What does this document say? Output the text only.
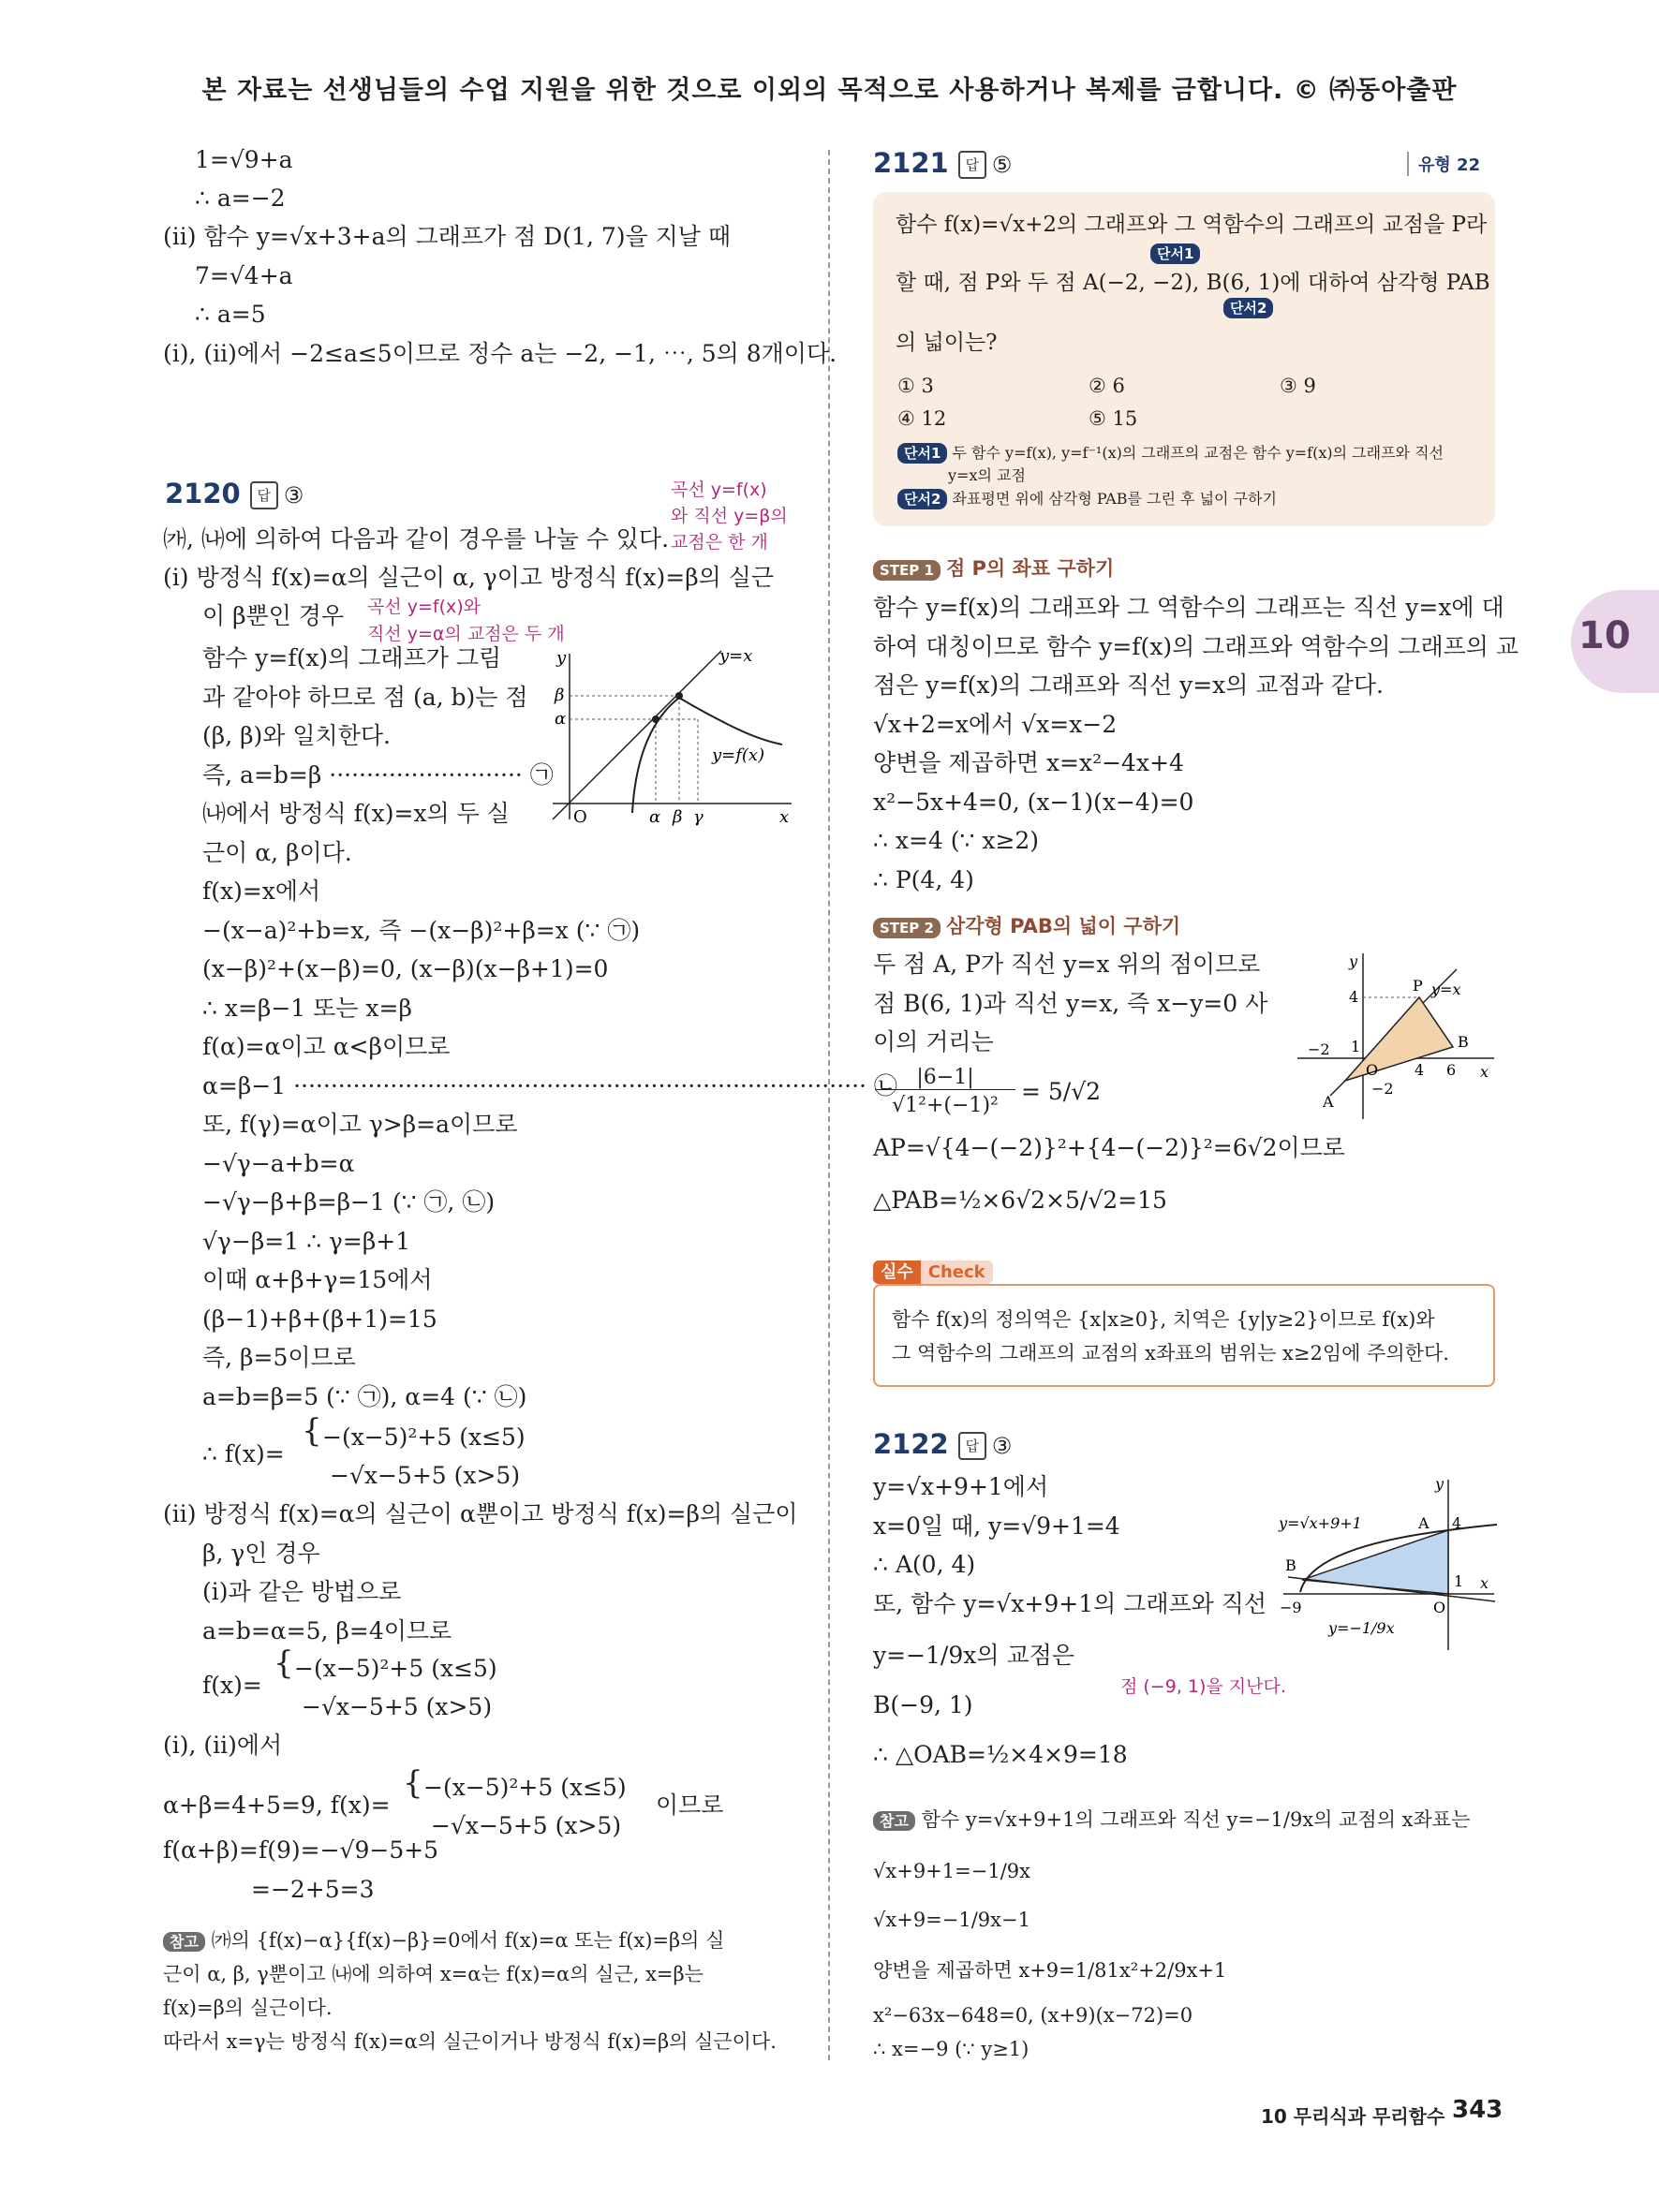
본 자료는 선생님들의 수업 지원을 위한 것으로 이외의 목적으로 사용하거나 복제를 금합니다. © ㈜동아출판
1=√9+a
∴ a=−2
(ⅱ) 함수 y=√x+3+a의 그래프가 점 D(1, 7)을 지날 때
7=√4+a
∴ a=5
(ⅰ), (ⅱ)에서 −2≤a≤5이므로 정수 a는 −2, −1, ⋯, 5의 8개이다.
2120 답 ③	곡선 y=f(x)
와 직선 y=β의
교점은 한 개
곡선 y=f(x)와
직선 y=α의 교점은 두 개
㈎, ㈏에 의하여 다음과 같이 경우를 나눌 수 있다.
(ⅰ) 방정식 f(x)=α의 실근이 α, γ이고 방정식 f(x)=β의 실근
이 β뿐인 경우
함수 y=f(x)의 그래프가 그림
과 같아야 하므로 점 (a, b)는 점
(β, β)와 일치한다.
즉, a=b=β ·························· ㉠
㈏에서 방정식 f(x)=x의 두 실
근이 α, β이다.
f(x)=x에서
−(x−a)²+b=x, 즉 −(x−β)²+β=x (∵ ㉠)
(x−β)²+(x−β)=0, (x−β)(x−β+1)=0
∴ x=β−1 또는 x=β
f(α)=α이고 α<β이므로
α=β−1 ············································································· ㉡
또, f(γ)=α이고 γ>β=a이므로
−√γ−a+b=α
−√γ−β+β=β−1 (∵ ㉠, ㉡)
√γ−β=1 ∴ γ=β+1
이때 α+β+γ=15에서
(β−1)+β+(β+1)=15
즉, β=5이므로
a=b=β=5 (∵ ㉠), α=4 (∵ ㉡)
∴ f(x)=
{ −(x−5)²+5 (x≤5)
−√x−5+5 (x>5)
(ⅱ) 방정식 f(x)=α의 실근이 α뿐이고 방정식 f(x)=β의 실근이
β, γ인 경우
(ⅰ)과 같은 방법으로
a=b=α=5, β=4이므로
f(x)=
{ −(x−5)²+5 (x≤5)
−√x−5+5 (x>5)
(ⅰ), (ⅱ)에서
α+β=4+5=9, f(x)=
{ −(x−5)²+5 (x≤5)
−√x−5+5 (x>5)
이므로
f(α+β)=f(9)=−√9−5+5
=−2+5=3
참고 ㈎의 {f(x)−α}{f(x)−β}=0에서 f(x)=α 또는 f(x)=β의 실
근이 α, β, γ뿐이고 ㈏에 의하여 x=α는 f(x)=α의 실근, x=β는
f(x)=β의 실근이다.
따라서 x=γ는 방정식 f(x)=α의 실근이거나 방정식 f(x)=β의 실근이다.
y
x
y=x
y=f(x)
β
α
O	α β γ
2121 답 ⑤	유형 22
함수 f(x)=√x+2의 그래프와 그 역함수의 그래프의 교점을 P라
단서1
할 때, 점 P와 두 점 A(−2, −2), B(6, 1)에 대하여 삼각형 PAB
단서2
의 넓이는?
① 3	② 6	③ 9
④ 12	⑤ 15
단서1 두 함수 y=f(x), y=f⁻¹(x)의 그래프의 교점은 함수 y=f(x)의 그래프와 직선
y=x의 교점
단서2 좌표평면 위에 삼각형 PAB를 그린 후 넓이 구하기
STEP 1 점 P의 좌표 구하기
함수 y=f(x)의 그래프와 그 역함수의 그래프는 직선 y=x에 대
하여 대칭이므로 함수 y=f(x)의 그래프와 역함수의 그래프의 교
점은 y=f(x)의 그래프와 직선 y=x의 교점과 같다.
√x+2=x에서 √x=x−2
양변을 제곱하면 x=x²−4x+4
x²−5x+4=0, (x−1)(x−4)=0
∴ x=4 (∵ x≥2)
∴ P(4, 4)
STEP 2 삼각형 PAB의 넓이 구하기
두 점 A, P가 직선 y=x 위의 점이므로
점 B(6, 1)과 직선 y=x, 즉 x−y=0 사
이의 거리는
|6−1|
√1²+(−1)²
= 5/√2
AP=√{4−(−2)}²+{4−(−2)}²=6√2이므로
△PAB=½×6√2×5/√2=15
y
x
P y=x
B
A
O
4
1
−2
4 6
−2
실수 Check
함수 f(x)의 정의역은 {x|x≥0}, 치역은 {y|y≥2}이므로 f(x)와
그 역함수의 그래프의 교점의 x좌표의 범위는 x≥2임에 주의한다.
2122 답 ③
y=√x+9+1에서
x=0일 때, y=√9+1=4
∴ A(0, 4)
또, 함수 y=√x+9+1의 그래프와 직선
y=−1/9x의 교점은
점 (−9, 1)을 지난다.
B(−9, 1)
∴ △OAB=½×4×9=18
참고 함수 y=√x+9+1의 그래프와 직선 y=−1/9x의 교점의 x좌표는
√x+9+1=−1/9x
√x+9=−1/9x−1
양변을 제곱하면 x+9=1/81x²+2/9x+1
x²−63x−648=0, (x+9)(x−72)=0
∴ x=−9 (∵ y≥1)
y
x
y=√x+9+1	A 4
B
1
−9	O
y=−1/9x
10
10 무리식과 무리함수 343
